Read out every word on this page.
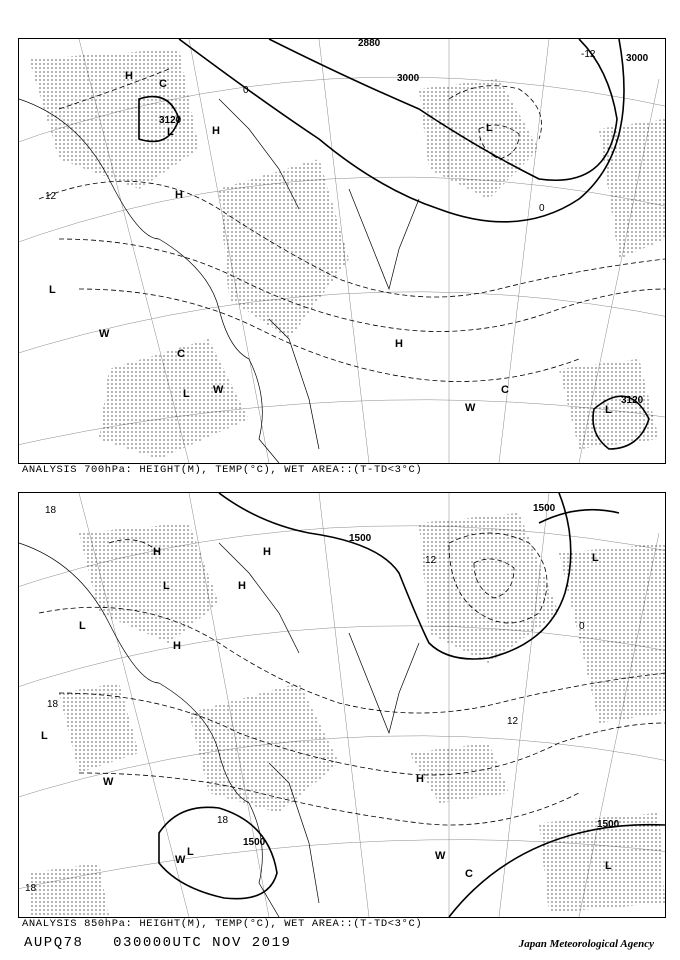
2880
3000
3000
3120
3120
0
-12
12
0
H
H
H
H
L	L
L
L
L
W
W
W
C
C
C
ANALYSIS 700hPa: HEIGHT(M), TEMP(°C), WET AREA::(T-TD<3°C)
1500
1500
1500
1500
18
18
12
0
18
12
18
H	H
H
H
H
L
L
L
L
L
W
W	W
C
L
ANALYSIS 850hPa: HEIGHT(M), TEMP(°C), WET AREA::(T-TD<3°C)
AUPQ78 030000UTC NOV 2019	Japan Meteorological Agency
